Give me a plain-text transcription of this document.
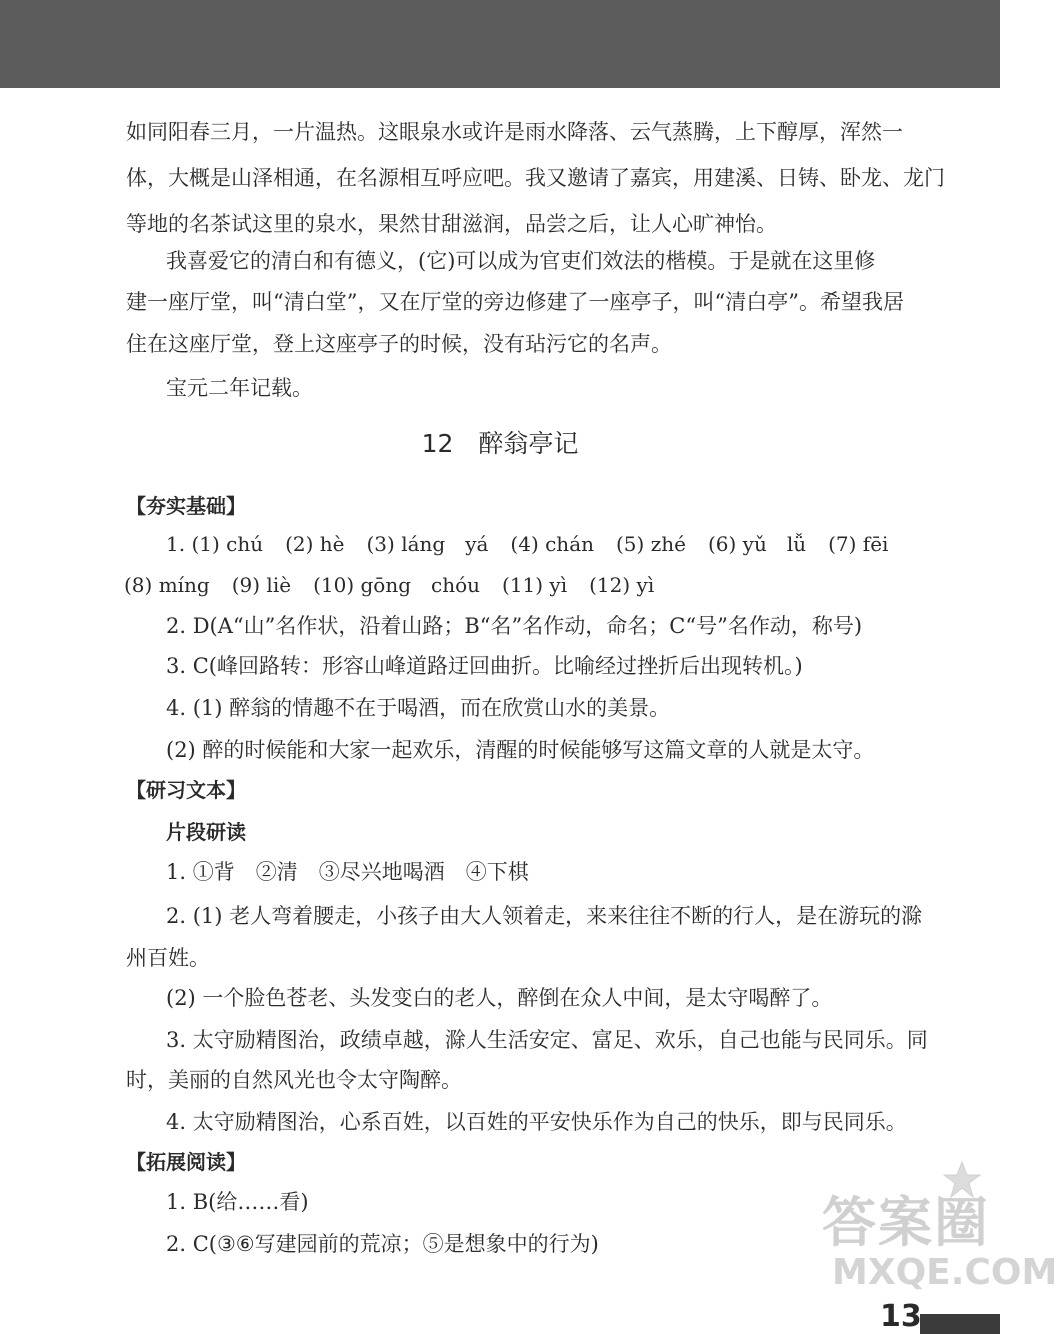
如同阳春三月，一片温热。这眼泉水或许是雨水降落、云气蒸腾，上下醇厚，浑然一
体，大概是山泽相通，在名源相互呼应吧。我又邀请了嘉宾，用建溪、日铸、卧龙、龙门
等地的名茶试这里的泉水，果然甘甜滋润，品尝之后，让人心旷神怡。
我喜爱它的清白和有德义，(它)可以成为官吏们效法的楷模。于是就在这里修
建一座厅堂，叫“清白堂”，又在厅堂的旁边修建了一座亭子，叫“清白亭”。希望我居
住在这座厅堂，登上这座亭子的时候，没有玷污它的名声。
宝元二年记载。
12　醉翁亭记
【夯实基础】
1. (1) chú (2) hè (3) láng　yá (4) chán (5) zhé (6) yǔ　lǚ (7) fēi
(8) míng (9) liè (10) gōng　chóu (11) yì (12) yì
2. D(A“山”名作状，沿着山路；B“名”名作动，命名；C“号”名作动，称号)
3. C(峰回路转：形容山峰道路迂回曲折。比喻经过挫折后出现转机。)
4. (1) 醉翁的情趣不在于喝酒，而在欣赏山水的美景。
(2) 醉的时候能和大家一起欢乐，清醒的时候能够写这篇文章的人就是太守。
【研习文本】
片段研读
1. ①背　②清　③尽兴地喝酒　④下棋
2. (1) 老人弯着腰走，小孩子由大人领着走，来来往往不断的行人，是在游玩的滁
州百姓。
(2) 一个脸色苍老、头发变白的老人，醉倒在众人中间，是太守喝醉了。
3. 太守励精图治，政绩卓越，滁人生活安定、富足、欢乐，自己也能与民同乐。同
时，美丽的自然风光也令太守陶醉。
4. 太守励精图治，心系百姓，以百姓的平安快乐作为自己的快乐，即与民同乐。
【拓展阅读】
1. B(给……看)
2. C(③⑥写建园前的荒凉；⑤是想象中的行为)	答案圈
MXQE.COM
13
